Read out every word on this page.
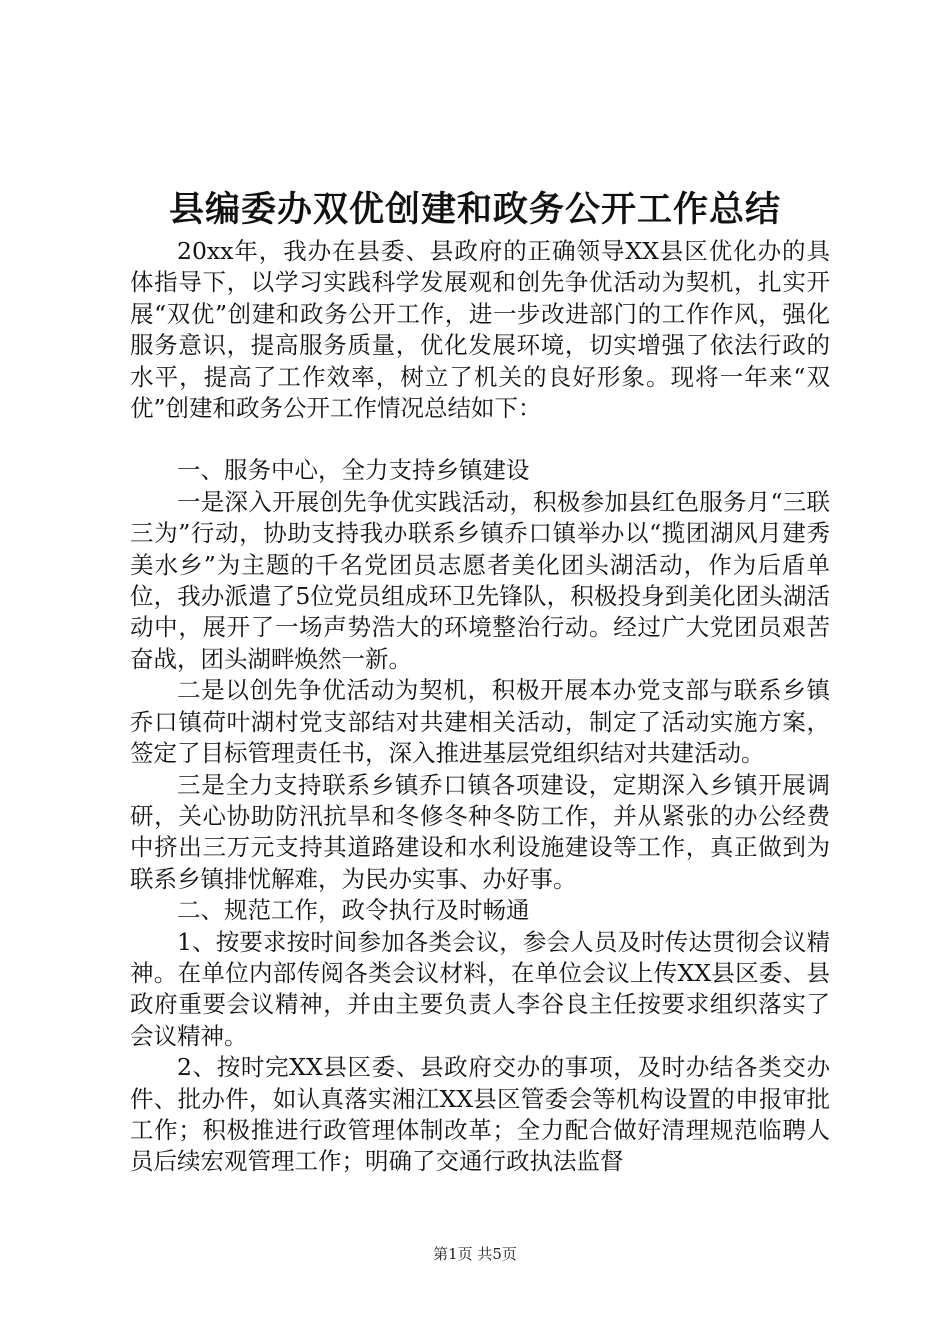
县编委办双优创建和政务公开工作总结

20xx年，我办在县委、县政府的正确领导XX县区优化办的具体指导下，以学习实践科学发展观和创先争优活动为契机，扎实开展“双优”创建和政务公开工作，进一步改进部门的工作作风，强化服务意识，提高服务质量，优化发展环境，切实增强了依法行政的水平，提高了工作效率，树立了机关的良好形象。现将一年来“双优”创建和政务公开工作情况总结如下：

一、服务中心，全力支持乡镇建设

一是深入开展创先争优实践活动，积极参加县红色服务月“三联三为”行动，协助支持我办联系乡镇乔口镇举办以“揽团湖风月建秀美水乡”为主题的千名党团员志愿者美化团头湖活动，作为后盾单位，我办派遣了5位党员组成环卫先锋队，积极投身到美化团头湖活动中，展开了一场声势浩大的环境整治行动。经过广大党团员艰苦奋战，团头湖畔焕然一新。

二是以创先争优活动为契机，积极开展本办党支部与联系乡镇乔口镇荷叶湖村党支部结对共建相关活动，制定了活动实施方案，签定了目标管理责任书，深入推进基层党组织结对共建活动。

三是全力支持联系乡镇乔口镇各项建设，定期深入乡镇开展调研，关心协助防汛抗旱和冬修冬种冬防工作，并从紧张的办公经费中挤出三万元支持其道路建设和水利设施建设等工作，真正做到为联系乡镇排忧解难，为民办实事、办好事。

二、规范工作，政令执行及时畅通

1、按要求按时间参加各类会议，参会人员及时传达贯彻会议精神。在单位内部传阅各类会议材料，在单位会议上传XX县区委、县政府重要会议精神，并由主要负责人李谷良主任按要求组织落实了会议精神。

2、按时完XX县区委、县政府交办的事项，及时办结各类交办件、批办件，如认真落实湘江XX县区管委会等机构设置的申报审批工作；积极推进行政管理体制改革；全力配合做好清理规范临聘人员后续宏观管理工作；明确了交通行政执法监督

第1页 共5页
